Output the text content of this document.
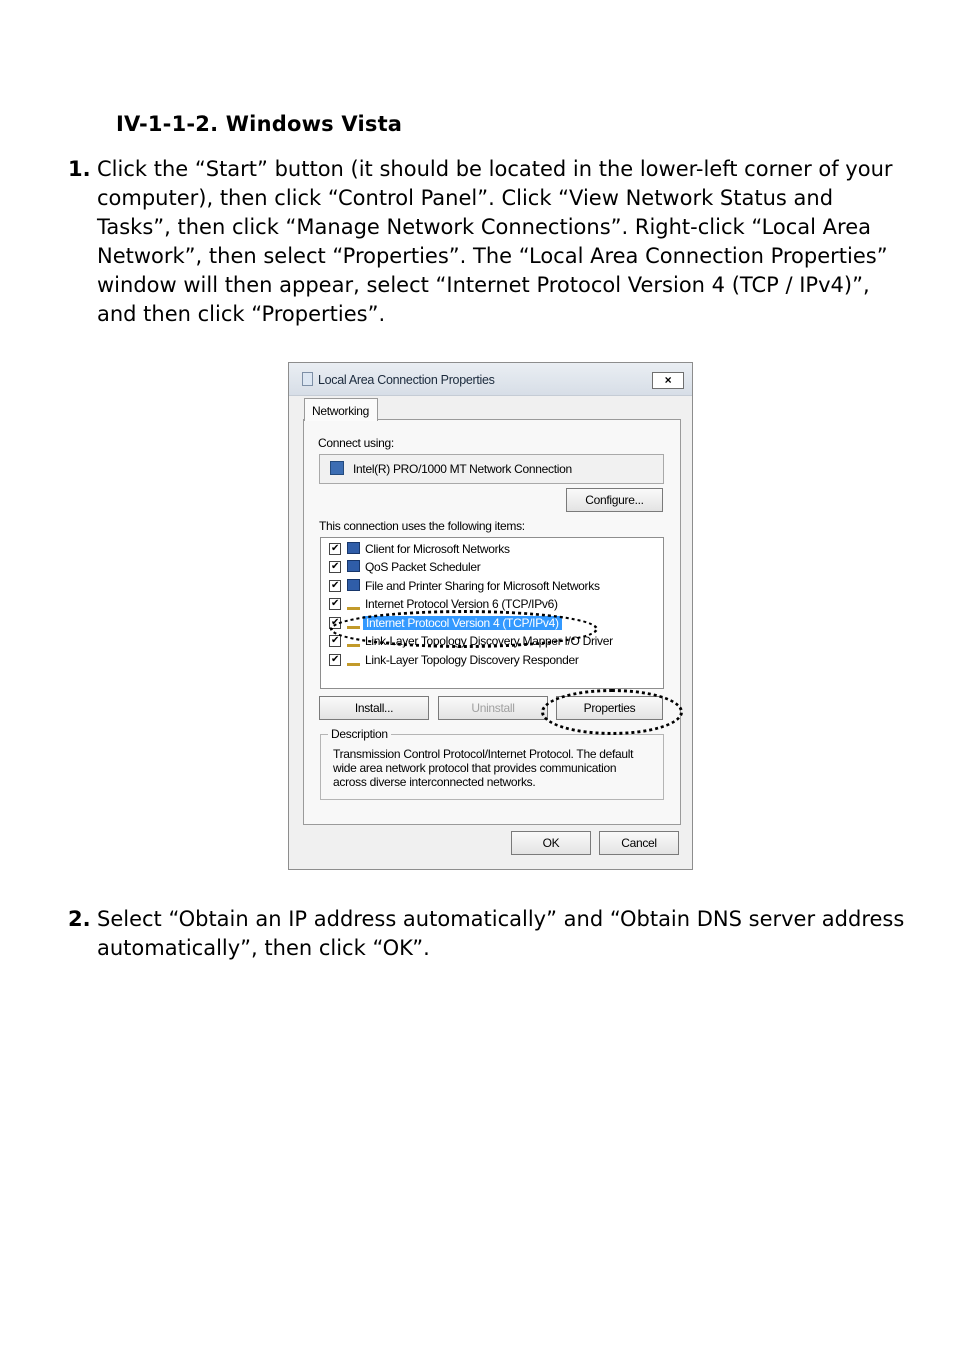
IV-1-1-2. Windows Vista
1. Click the “Start” button (it should be located in the lower-left corner of your computer), then click “Control Panel”. Click “View Network Status and Tasks”, then click “Manage Network Connections”. Right-click “Local Area Network”, then select “Properties”. The “Local Area Connection Properties” window will then appear, select “Internet Protocol Version 4 (TCP / IPv4)”, and then click “Properties”.
Local Area Connection Properties	×
Networking
Connect using:
Intel(R) PRO/1000 MT Network Connection
Configure...
This connection uses the following items:
✔ Client for Microsoft Networks
✔ QoS Packet Scheduler
✔ File and Printer Sharing for Microsoft Networks
✔ Internet Protocol Version 6 (TCP/IPv6)
✔ Internet Protocol Version 4 (TCP/IPv4)
✔ Link-Layer Topology Discovery Mapper I/O Driver
✔ Link-Layer Topology Discovery Responder
Install...	Uninstall	Properties
Description
Transmission Control Protocol/Internet Protocol. The default wide area network protocol that provides communication across diverse interconnected networks.
OK	Cancel
2. Select “Obtain an IP address automatically” and “Obtain DNS server address automatically”, then click “OK”.
